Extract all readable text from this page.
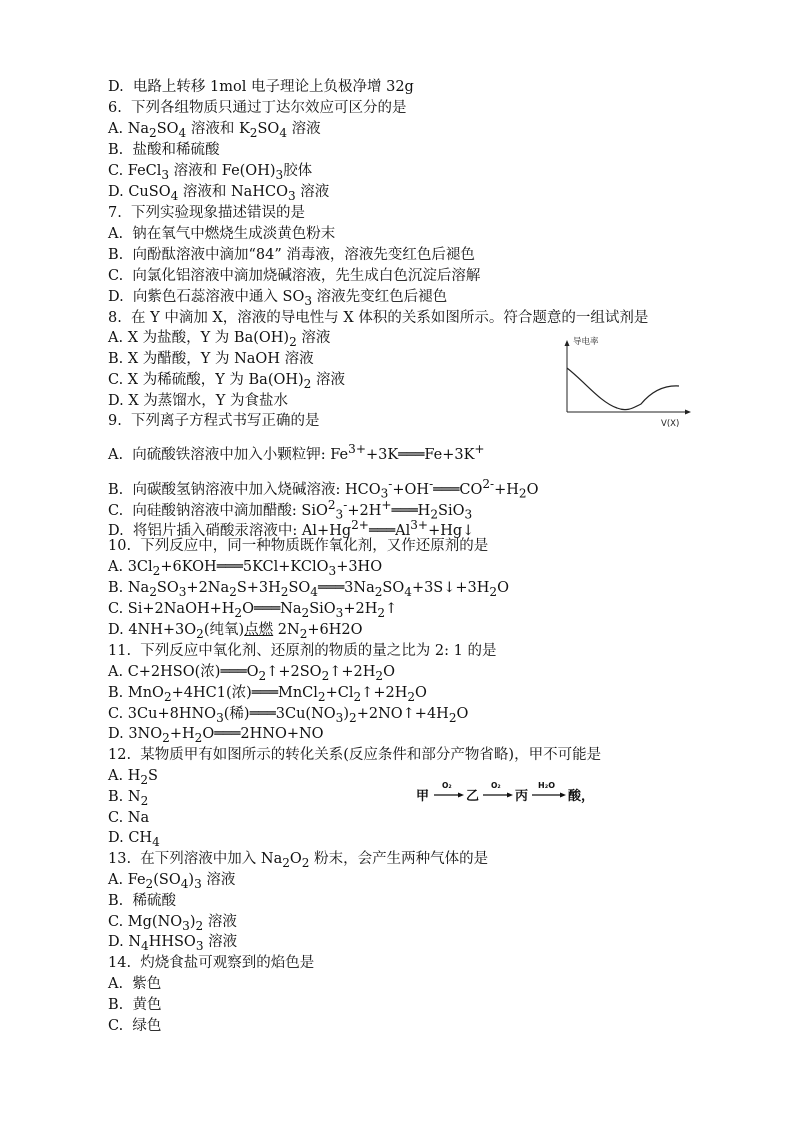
D.  电路上转移 1mol 电子理论上负极净增 32g
6.  下列各组物质只通过丁达尔效应可区分的是
A. $Na_2SO_4$ 溶液和 $K_2SO_4$ 溶液
B.  盐酸和稀硫酸
C. FeCl$_3$ 溶液和 $Fe(OH)_3$胶体
D. CuSO$_4$ 溶液和 NaHCO$_3$ 溶液
7.  下列实验现象描述错误的是
A.  钠在氧气中燃烧生成淡黄色粉末
B.  向酚酞溶液中滴加“84” 消毒液，溶液先变红色后褪色
C.  向氯化铝溶液中滴加烧碱溶液，先生成白色沉淀后溶解
D.  向紫色石蕊溶液中通入 $SO_3$ 溶液先变红色后褪色
8.  在 Y 中滴加 X，溶液的导电性与 X 体积的关系如图所示。符合题意的一组试剂是
A. X 为盐酸，Y 为 $Ba(OH)_2$ 溶液
B. X 为醋酸，Y 为 NaOH 溶液
C. X 为稀硫酸，Y 为 $Ba(OH)_2$ 溶液
D. X 为蒸馏水，Y 为食盐水
9.  下列离子方程式书写正确的是
A.  向硫酸铁溶液中加入小颗粒钾: $Fe^{3+}+3K═══Fe+3K^+$
B.  向碳酸氢钠溶液中加入烧碱溶液: $HCO_3^-+OH^-═══CO^{2-}+H_2O$
C.  向硅酸钠溶液中滴加醋酸: $SiO^2_3^-+2H^+═══H_2SiO_3$
D.  将铝片插入硝酸汞溶液中: $Al+Hg^{2+}═══Al^{3+}+Hg↓$
10.  下列反应中，同一种物质既作氧化剂，又作还原剂的是
A. $3Cl_2+6KOH═══5KCl+KClO_3+3HO$
B. $Na_2SO_3+2Na_2S+3H_2SO_4═══3Na_2SO_4+3S↓+3H_2O$
C. $Si+2NaOH+H_2O═══Na_2SiO_3+2H_2↑$
D. $4NH+3O_2$(纯氧)点燃 $2N_2+6H2O$
11.  下列反应中氧化剂、还原剂的物质的量之比为 2: 1 的是
A. C+2HSO(浓)$═══O_2↑+2SO_2↑+2H_2O$
B. MnO$_2$+4HC1(浓)$═══MnCl_2+Cl_2↑+2H_2O$
C. $3Cu+8HNO_3$(稀)$═══3Cu(NO_3)_2+2NO↑+4H_2O$
D. $3NO_2+H_2O═══2HNO+NO$
12.  某物质甲有如图所示的转化关系(反应条件和部分产物省略)，甲不可能是
A. $H_2S$
B. $N_2$
C. Na
D. $CH_4$
13.  在下列溶液中加入 $Na_2O_2$ 粉末，会产生两种气体的是
A. $Fe_2(SO_4)_3$ 溶液
B.  稀硫酸
C. $Mg(NO_3)_2$ 溶液
D. $N_4HHSO_3$ 溶液
14.  灼烧食盐可观察到的焰色是
A.  紫色
B.  黄色
C.  绿色
导电率
V(X)
甲
O₂
乙
O₂
丙
H₂O
酸，
